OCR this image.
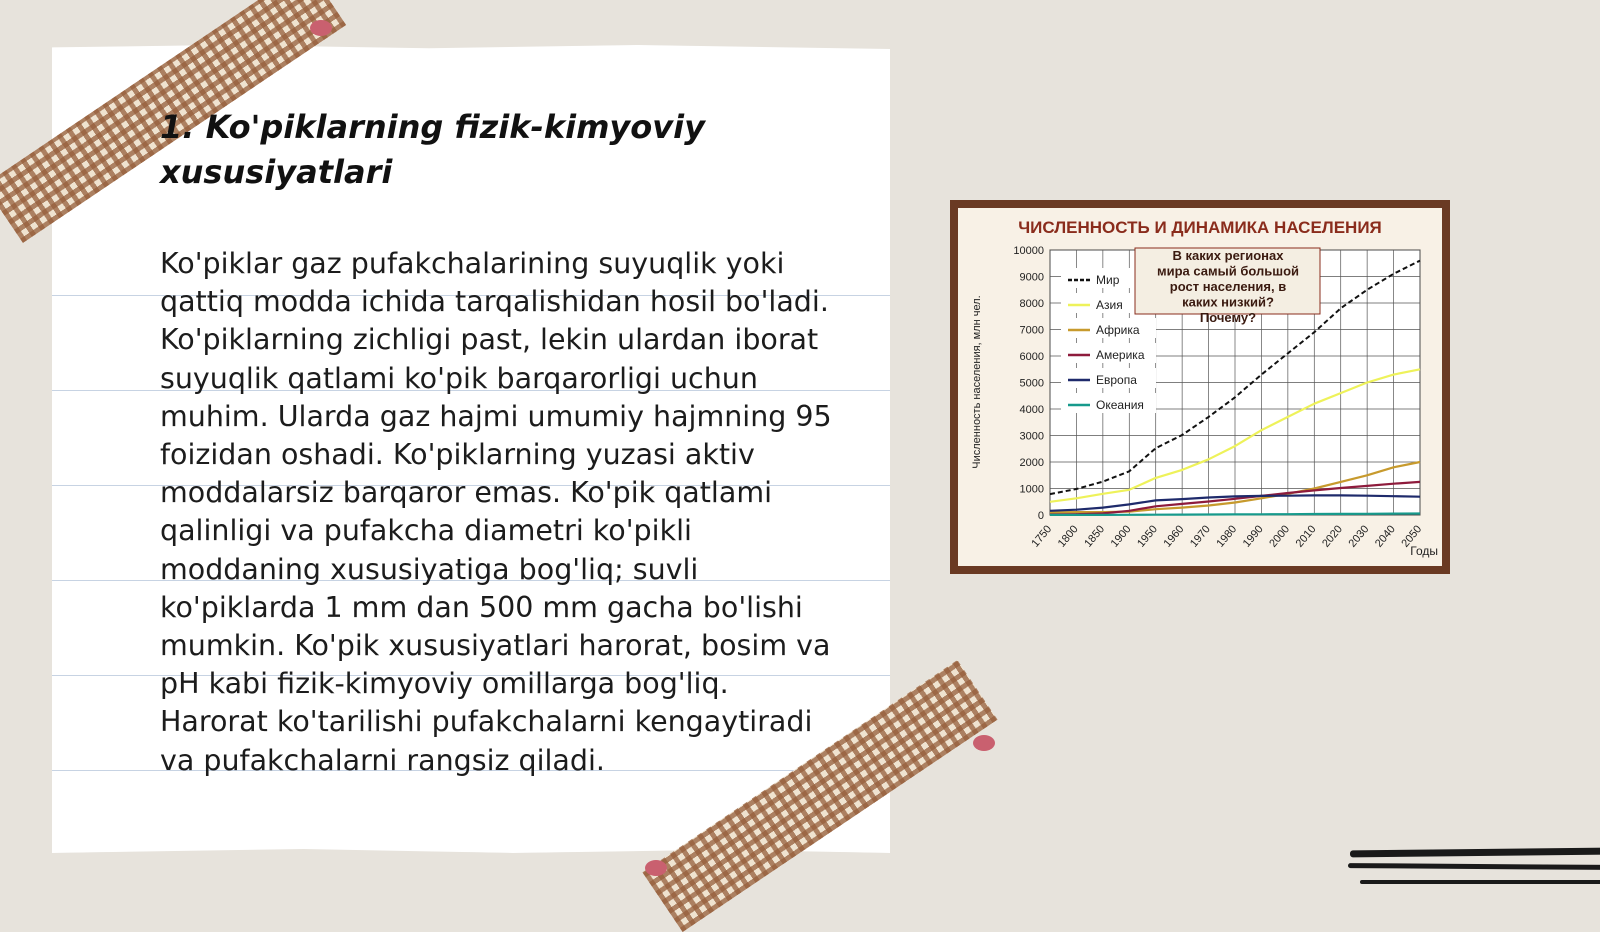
1. Ko'piklarning fizik-kimyoviy xususiyatlari

Ko'piklar gaz pufakchalarining suyuqlik yoki qattiq modda ichida tarqalishidan hosil bo'ladi. Ko'piklarning zichligi past, lekin ulardan iborat suyuqlik qatlami ko'pik barqarorligi uchun muhim. Ularda gaz hajmi umumiy hajmning 95 foizidan oshadi. Ko'piklarning yuzasi aktiv moddalarsiz barqaror emas. Ko'pik qatlami qalinligi va pufakcha diametri ko'pikli moddaning xususiyatiga bog'liq; suvli ko'piklarda 1 mm dan 500 mm gacha bo'lishi mumkin. Ko'pik xususiyatlari harorat, bosim va pH kabi fizik-kimyoviy omillarga bog'liq. Harorat ko'tarilishi pufakchalarni kengaytiradi va pufakchalarni rangsiz qiladi.

ЧИСЛЕННОСТЬ И ДИНАМИКА НАСЕЛЕНИЯ
0
1000
2000
3000
4000
5000
6000
7000
8000
9000
10000
1750 1800 1850 1900 1950 1960 1970 1980 1990 2000 2010 2020 2030 2040 2050
Мир
Азия
Африка
Америка
Европа
Океания
В каких регионах мира самый большой рост населения, в каких низкий? Почему?
Численность населения, млн чел.
Годы
